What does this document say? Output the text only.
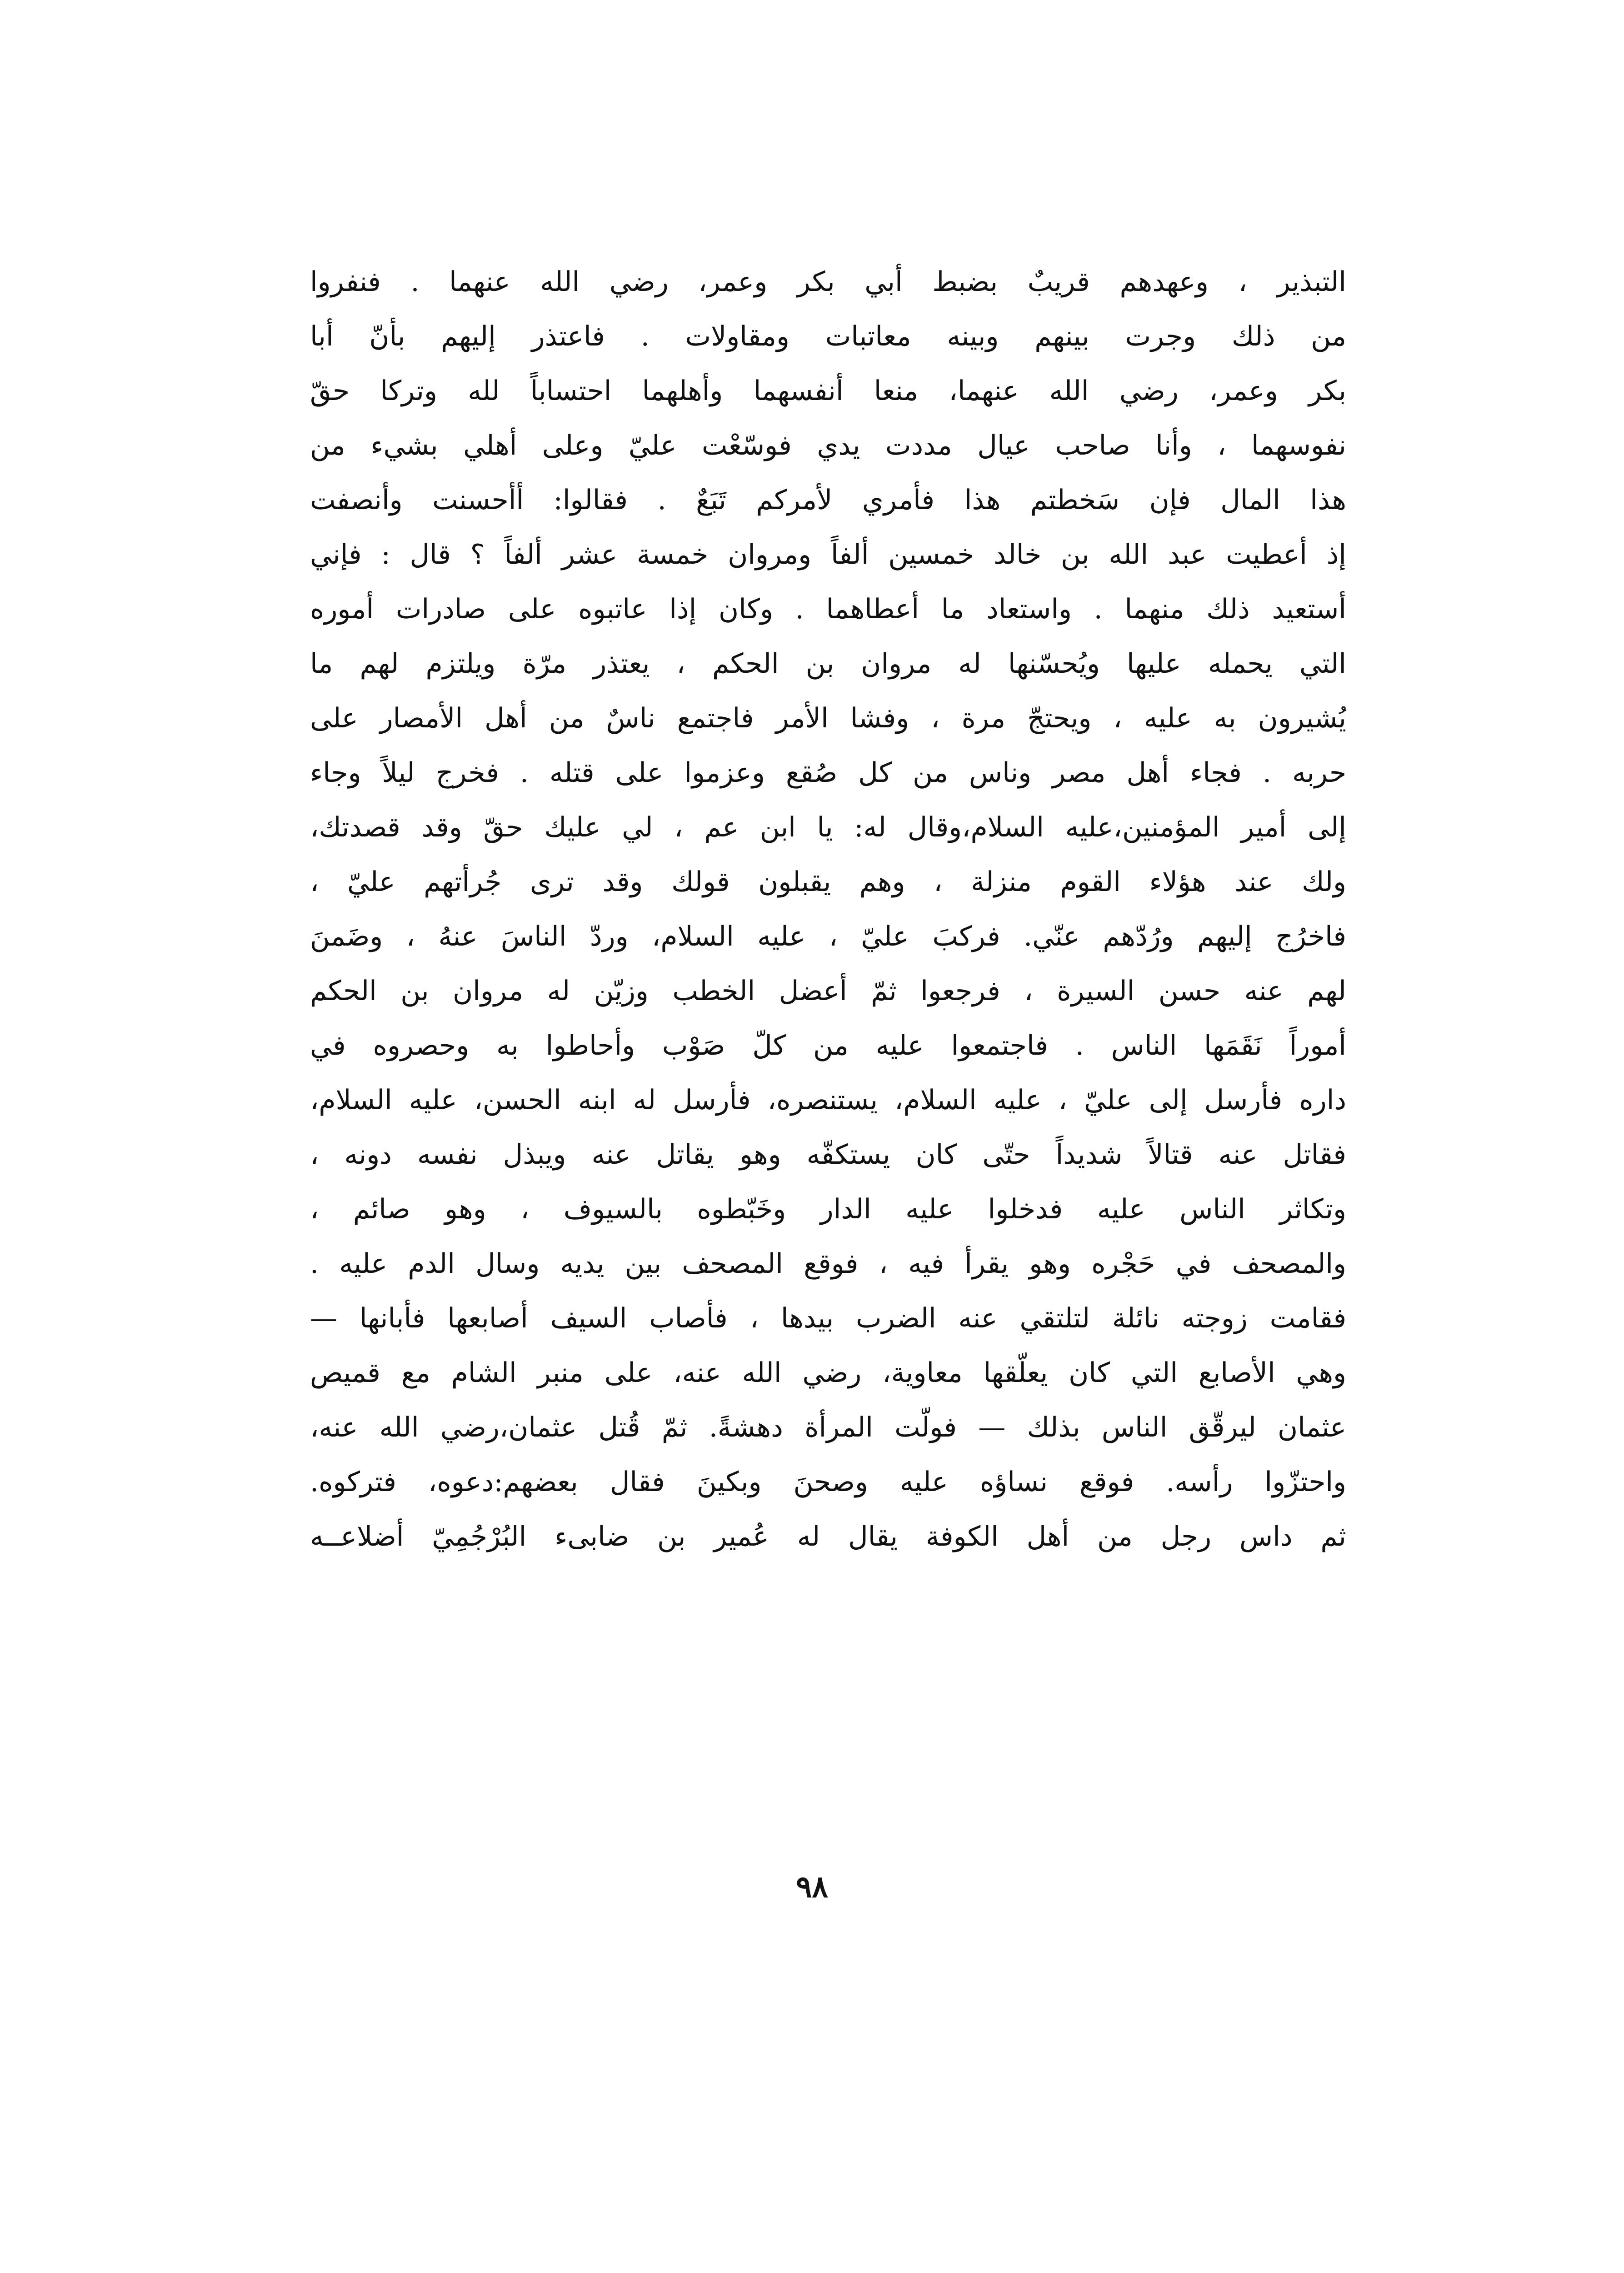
التبذير ، وعهدهم قريبٌ بضبط أبي بكر وعمر، رضي الله عنهما . فنفروا
من ذلك وجرت بينهم وبينه معاتبات ومقاولات . فاعتذر إليهم بأنّ أبا
بكر وعمر، رضي الله عنهما، منعا أنفسهما وأهلهما احتساباً لله وتركا حقّ
نفوسهما ، وأنا صاحب عيال مددت يدي فوسّعْت عليّ وعلى أهلي بشيء من
هذا المال فإن سَخطتم هذا فأمري لأمركم تَبَعٌ . فقالوا: أأحسنت وأنصفت
إذ أعطيت عبد الله بن خالد خمسين ألفاً ومروان خمسة عشر ألفاً ؟ قال : فإني
أستعيد ذلك منهما . واستعاد ما أعطاهما . وكان إذا عاتبوه على صادرات أموره
التي يحمله عليها ويُحسّنها له مروان بن الحكم ، يعتذر مرّة ويلتزم لهم ما
يُشيرون به عليه ، ويحتجّ مرة ، وفشا الأمر فاجتمع ناسٌ من أهل الأمصار على
حربه . فجاء أهل مصر وناس من كل صُقع وعزموا على قتله . فخرج ليلاً وجاء
إلى أمير المؤمنين،عليه السلام،وقال له: يا ابن عم ، لي عليك حقّ وقد قصدتك،
ولك عند هؤلاء القوم منزلة ، وهم يقبلون قولك وقد ترى جُرأتهم عليّ ،
فاخرُج إليهم ورُدّهم عنّي. فركبَ عليّ ، عليه السلام، وردّ الناسَ عنهُ ، وضَمنَ
لهم عنه حسن السيرة ، فرجعوا ثمّ أعضل الخطب وزيّن له مروان بن الحكم
أموراً نَقَمَها الناس . فاجتمعوا عليه من كلّ صَوْب وأحاطوا به وحصروه في
داره فأرسل إلى عليّ ، عليه السلام، يستنصره، فأرسل له ابنه الحسن، عليه السلام،
فقاتل عنه قتالاً شديداً حتّى كان يستكفّه وهو يقاتل عنه ويبذل نفسه دونه ،
وتكاثر الناس عليه فدخلوا عليه الدار وخَبّطوه بالسيوف ، وهو صائم ،
والمصحف في حَجْره وهو يقرأ فيه ، فوقع المصحف بين يديه وسال الدم عليه .
فقامت زوجته نائلة لتلتقي عنه الضرب بيدها ، فأصاب السيف أصابعها فأبانها —
وهي الأصابع التي كان يعلّقها معاوية، رضي الله عنه، على منبر الشام مع قميص
عثمان ليرقّق الناس بذلك — فولّت المرأة دهشةً. ثمّ قُتل عثمان،رضي الله عنه،
واحتزّوا رأسه. فوقع نساؤه عليه وصحنَ وبكينَ فقال بعضهم:دعوه، فتركوه.
ثم داس رجل من أهل الكوفة يقال له عُمير بن ضابىء البُرْجُمِيّ أضلاعــه
٩٨
